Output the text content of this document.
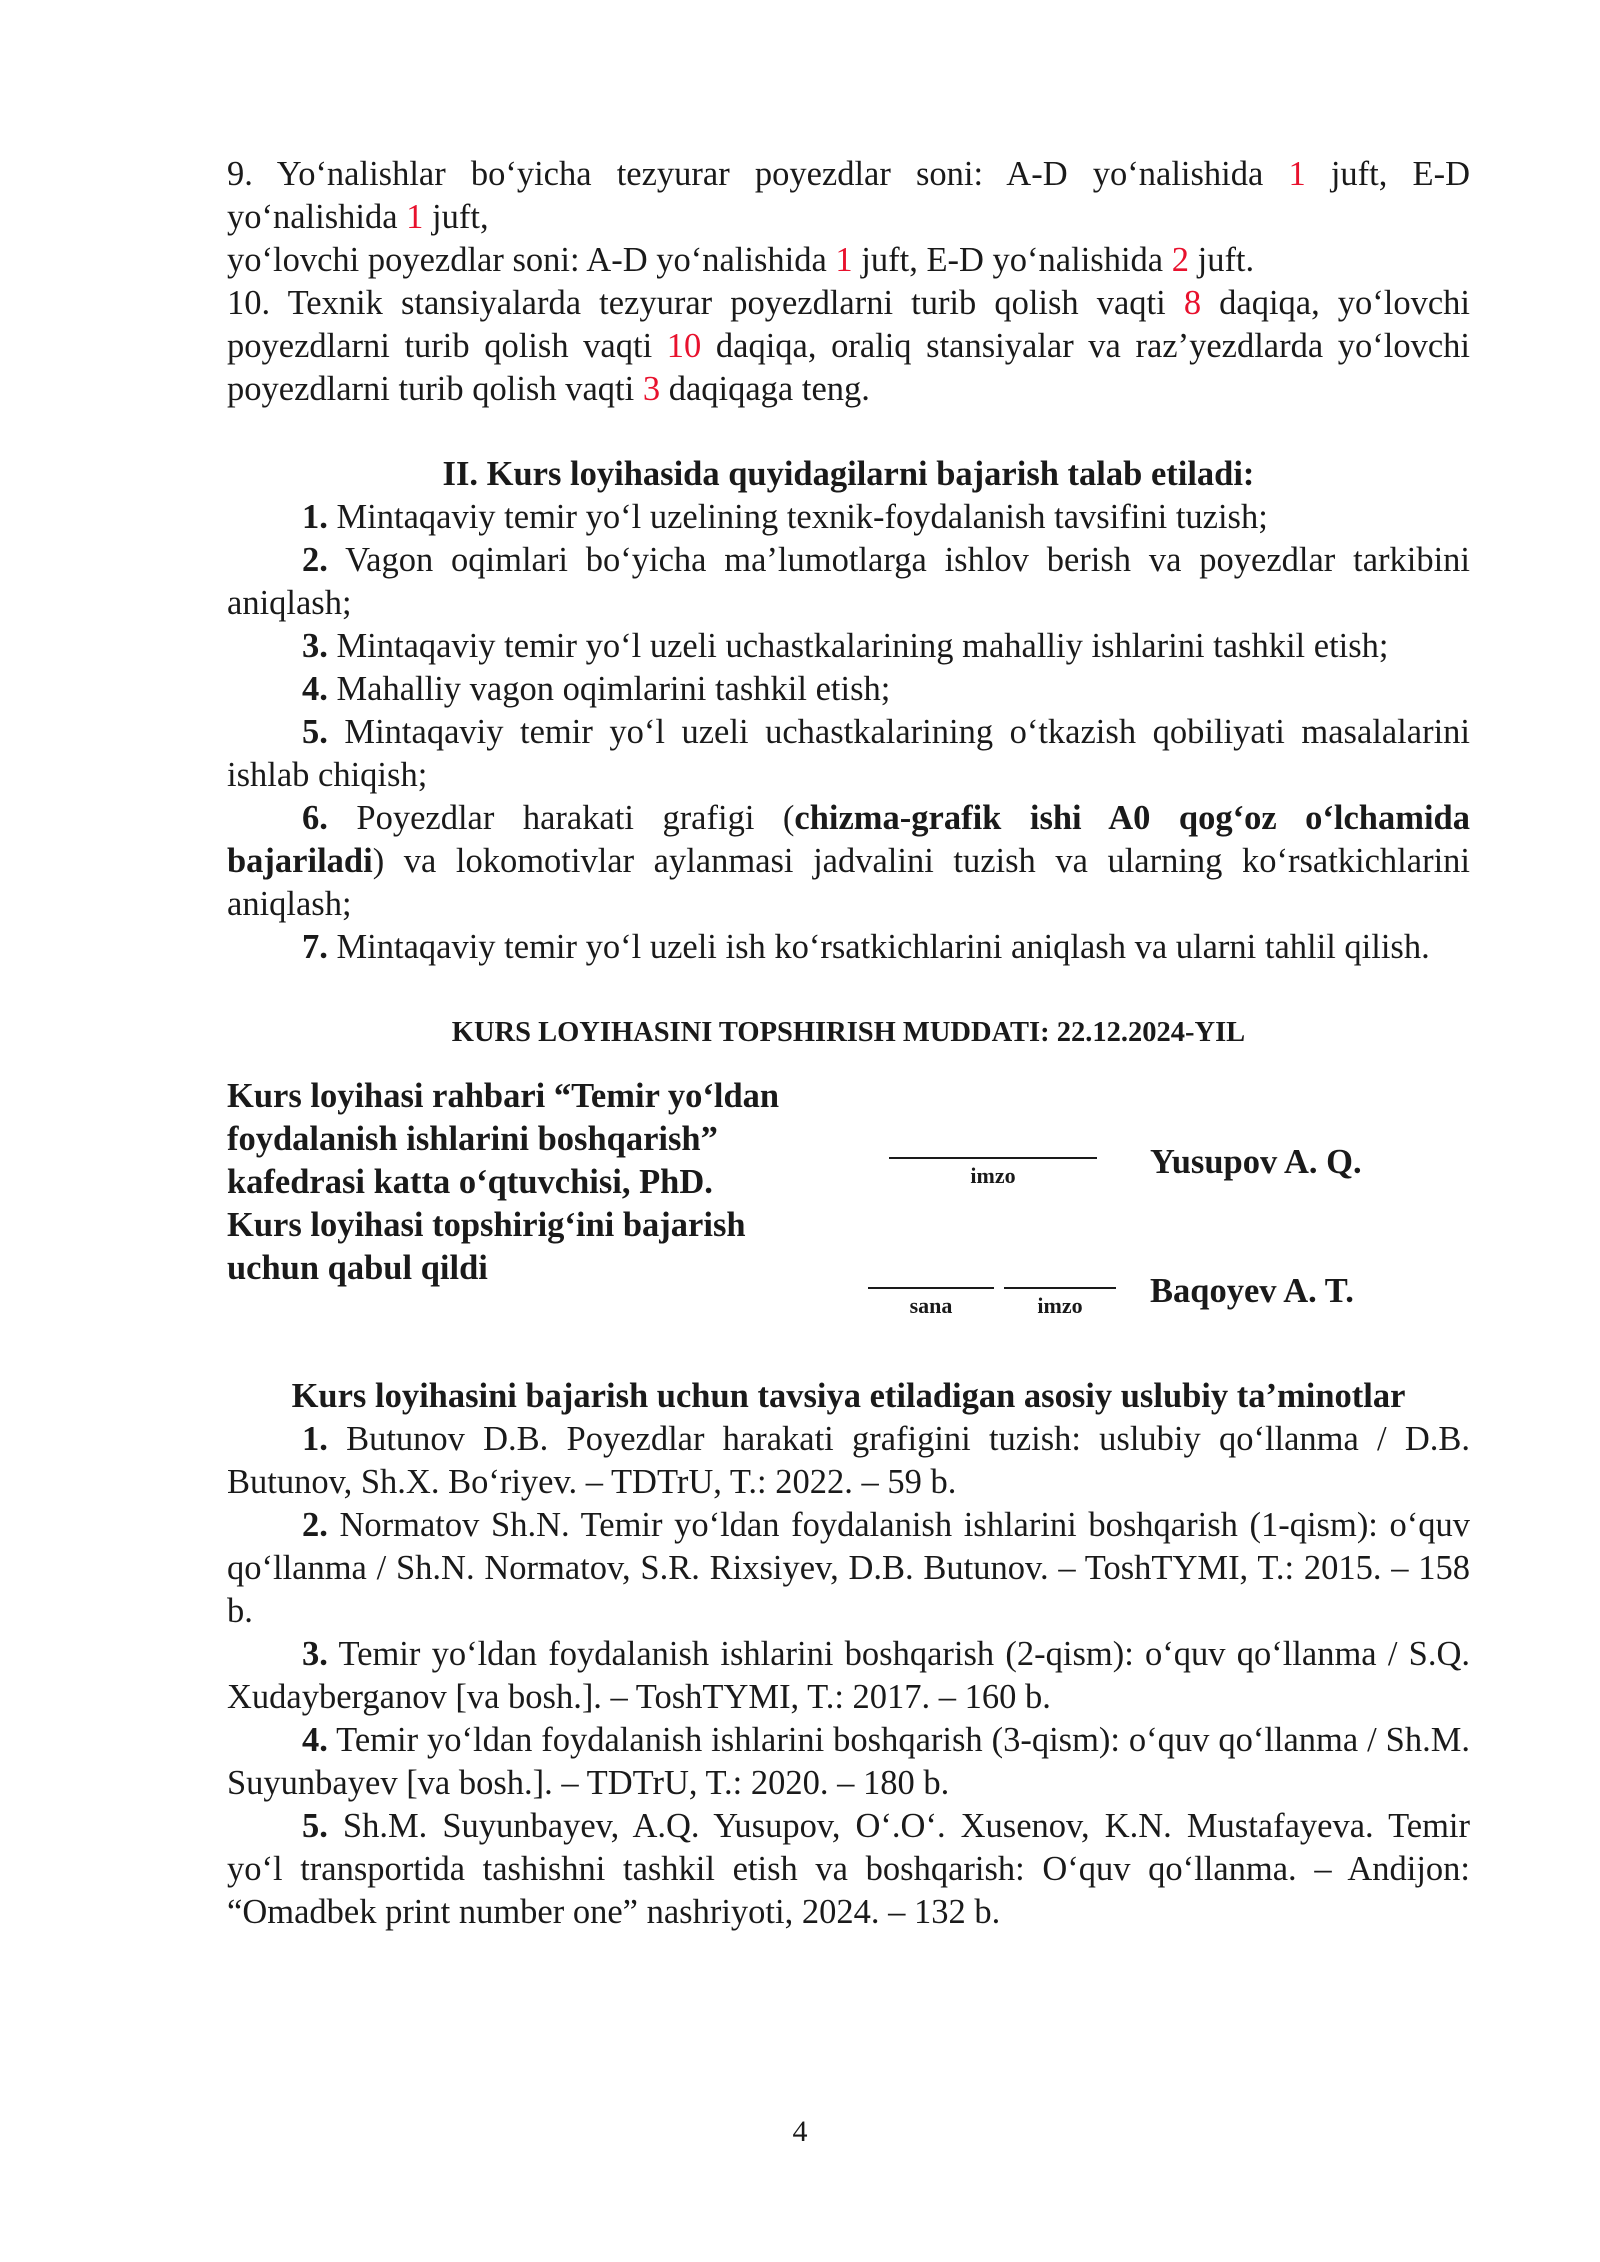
9. Yo‘nalishlar bo‘yicha tezyurar poyezdlar soni: A-D yo‘nalishida 1 juft, E-D yo‘nalishida 1 juft,

yo‘lovchi poyezdlar soni: A-D yo‘nalishida 1 juft, E-D yo‘nalishida 2 juft.

10. Texnik stansiyalarda tezyurar poyezdlarni turib qolish vaqti 8 daqiqa, yo‘lovchi poyezdlarni turib qolish vaqti 10 daqiqa, oraliq stansiyalar va raz’yezdlarda yo‘lovchi poyezdlarni turib qolish vaqti 3 daqiqaga teng.

II. Kurs loyihasida quyidagilarni bajarish talab etiladi:

1. Mintaqaviy temir yo‘l uzelining texnik-foydalanish tavsifini tuzish;

2. Vagon oqimlari bo‘yicha ma’lumotlarga ishlov berish va poyezdlar tarkibini aniqlash;

3. Mintaqaviy temir yo‘l uzeli uchastkalarining mahalliy ishlarini tashkil etish;

4. Mahalliy vagon oqimlarini tashkil etish;

5. Mintaqaviy temir yo‘l uzeli uchastkalarining o‘tkazish qobiliyati masalalarini ishlab chiqish;

6. Poyezdlar harakati grafigi (chizma-grafik ishi A0 qog‘oz o‘lchamida bajariladi) va lokomotivlar aylanmasi jadvalini tuzish va ularning ko‘rsatkichlarini aniqlash;

7. Mintaqaviy temir yo‘l uzeli ish ko‘rsatkichlarini aniqlash va ularni tahlil qilish.

KURS LOYIHASINI TOPSHIRISH MUDDATI: 22.12.2024-YIL

Kurs loyihasi rahbari “Temir yo‘ldan
foydalanish ishlarini boshqarish”
kafedrasi katta o‘qtuvchisi, PhD.
Kurs loyihasi topshirig‘ini bajarish
uchun qabul qildi
imzo	Yusupov A. Q.
sana	imzo	Baqoyev A. T.

Kurs loyihasini bajarish uchun tavsiya etiladigan asosiy uslubiy ta’minotlar

1. Butunov D.B. Poyezdlar harakati grafigini tuzish: uslubiy qo‘llanma / D.B. Butunov, Sh.X. Bo‘riyev. – TDTrU, T.: 2022. – 59 b.

2. Normatov Sh.N. Temir yo‘ldan foydalanish ishlarini boshqarish (1-qism): o‘quv qo‘llanma / Sh.N. Normatov, S.R. Rixsiyev, D.B. Butunov. – ToshTYMI, T.: 2015. – 158 b.

3. Temir yo‘ldan foydalanish ishlarini boshqarish (2-qism): o‘quv qo‘llanma / S.Q. Xudayberganov [va bosh.]. – ToshTYMI, T.: 2017. – 160 b.

4. Temir yo‘ldan foydalanish ishlarini boshqarish (3-qism): o‘quv qo‘llanma / Sh.M. Suyunbayev [va bosh.]. – TDTrU, T.: 2020. – 180 b.

5. Sh.M. Suyunbayev, A.Q. Yusupov, O‘.O‘. Xusenov, K.N. Mustafayeva. Temir yo‘l transportida tashishni tashkil etish va boshqarish: O‘quv qo‘llanma. – Andijon: “Omadbek print number one” nashriyoti, 2024. – 132 b.

4
